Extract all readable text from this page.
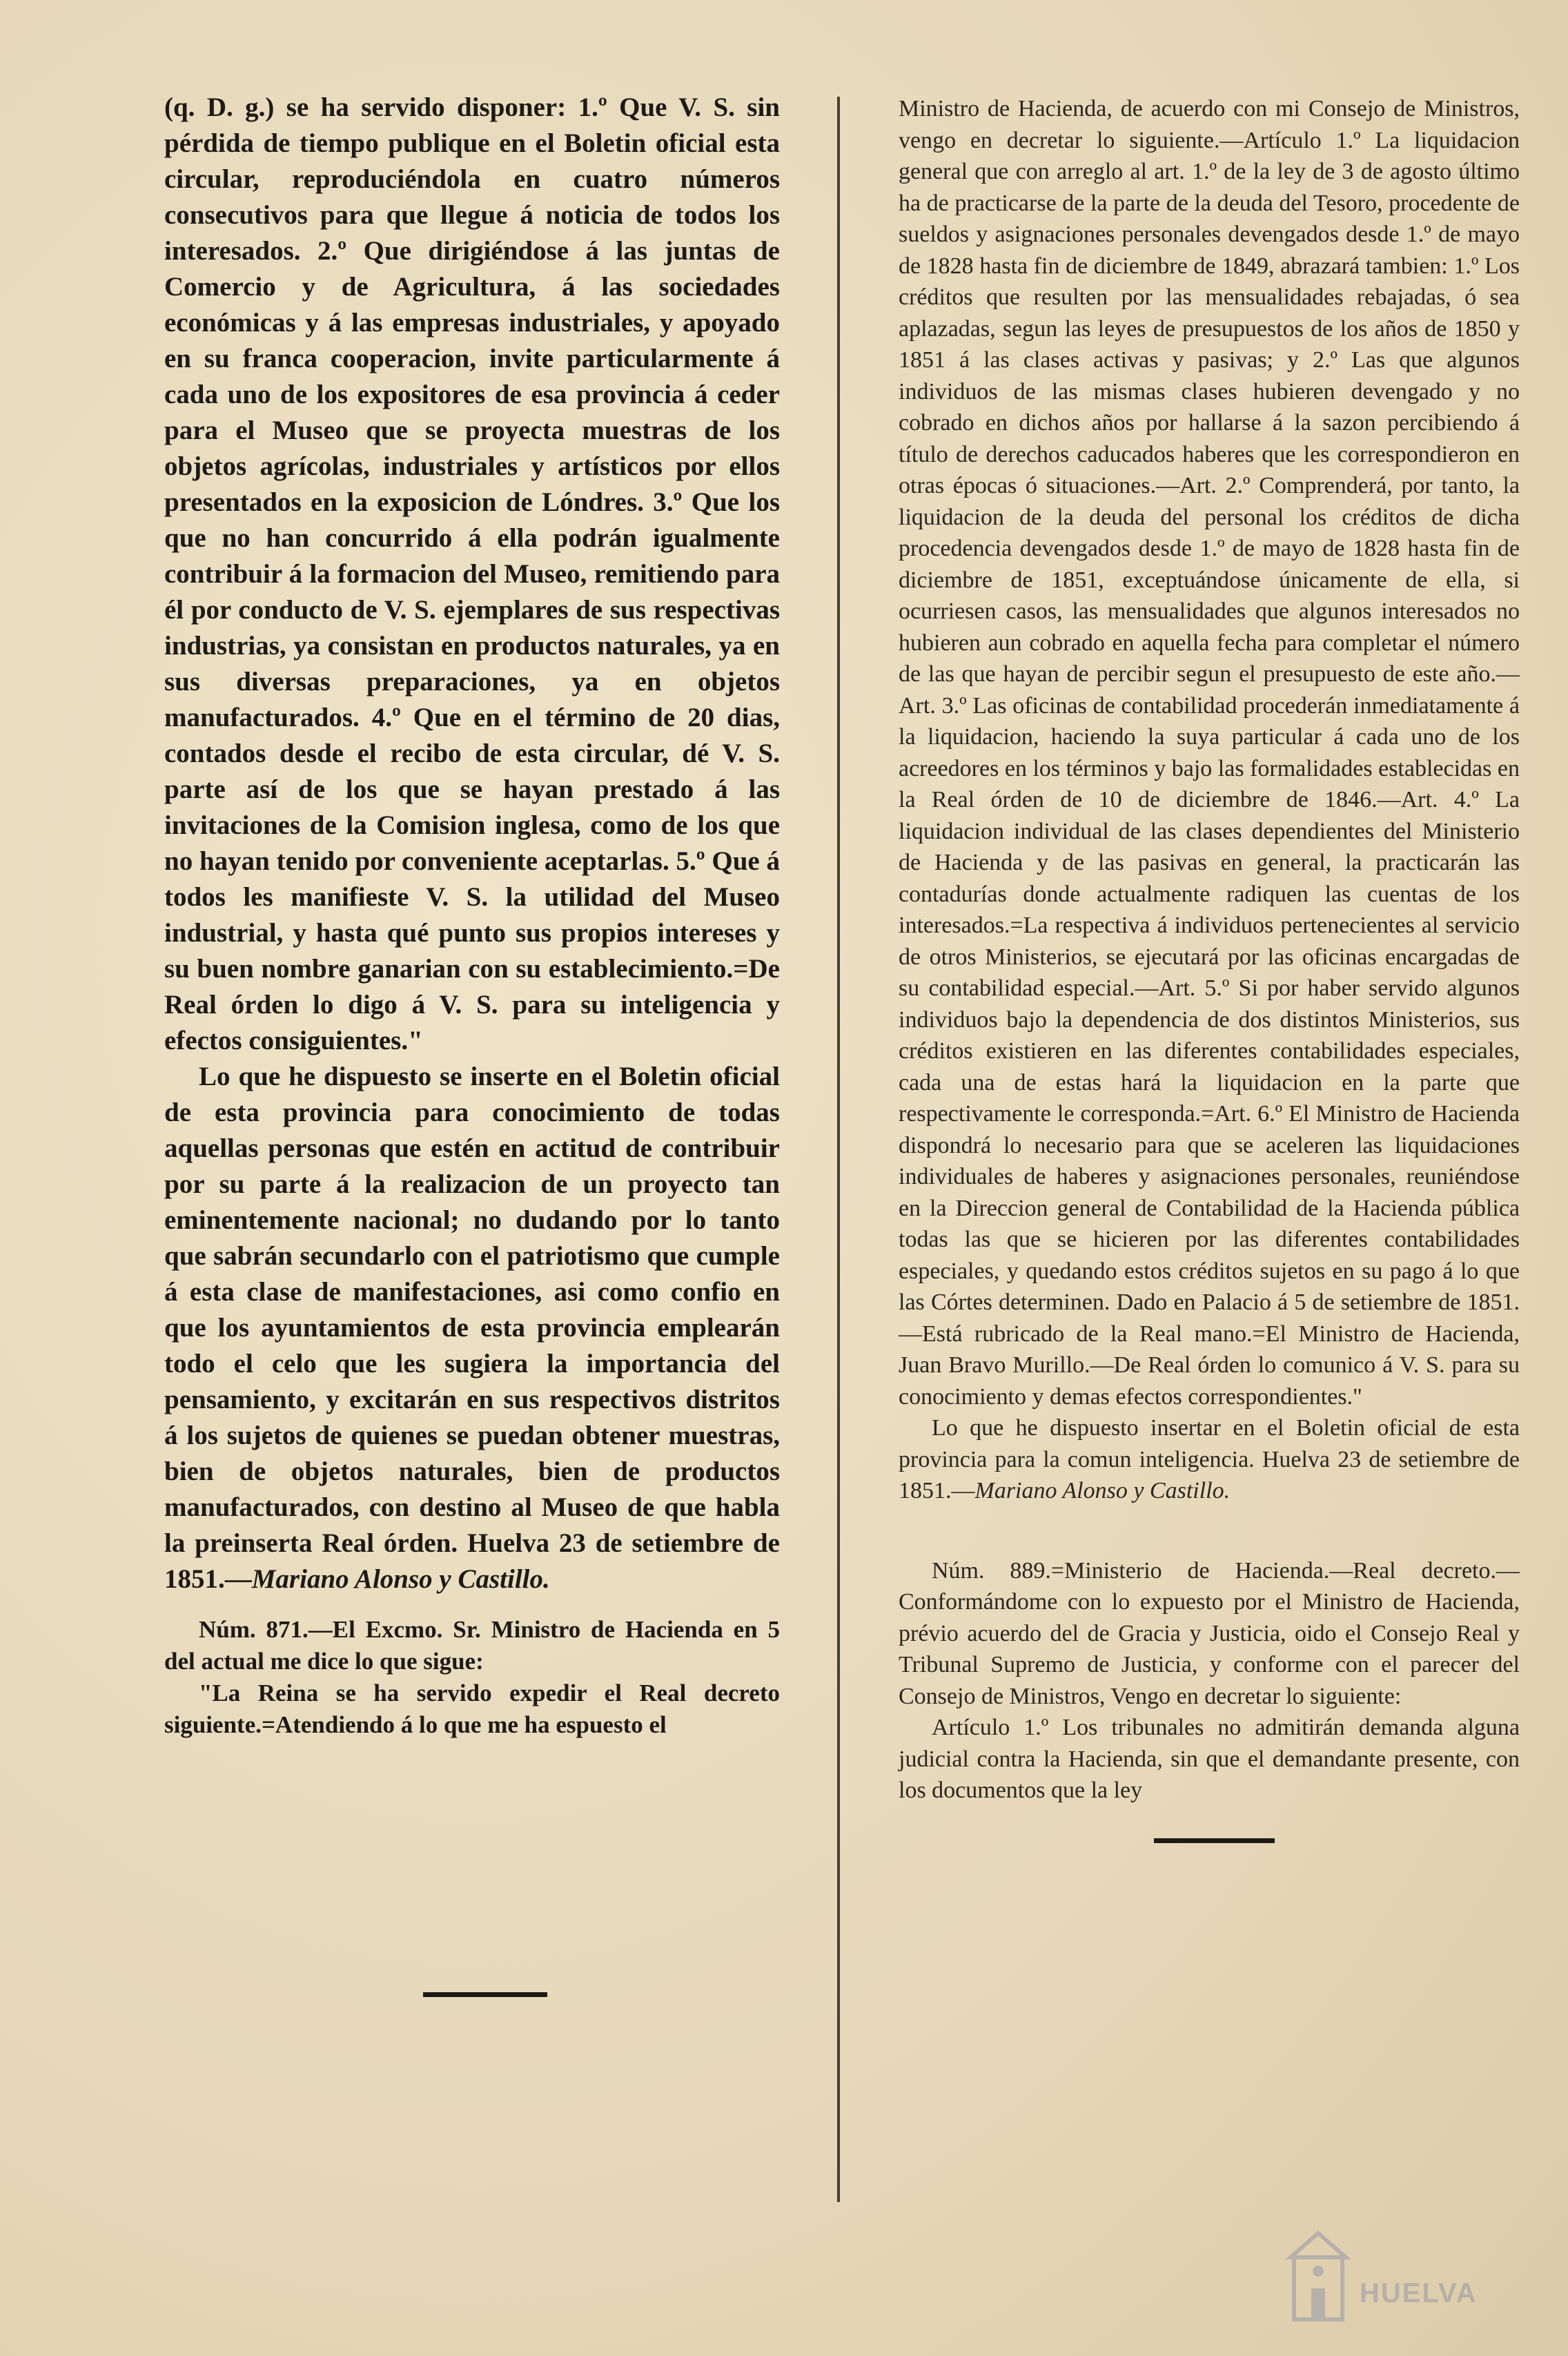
(q. D. g.) se ha servido disponer: 1.º Que V. S. sin pérdida de tiempo publique en el Boletin oficial esta circular, reproduciéndola en cuatro números consecutivos para que llegue á noticia de todos los interesados. 2.º Que dirigiéndose á las juntas de Comercio y de Agricultura, á las sociedades económicas y á las empresas industriales, y apoyado en su franca cooperacion, invite particularmente á cada uno de los expositores de esa provincia á ceder para el Museo que se proyecta muestras de los objetos agrícolas, industriales y artísticos por ellos presentados en la exposicion de Lóndres. 3.º Que los que no han concurrido á ella podrán igualmente contribuir á la formacion del Museo, remitiendo para él por conducto de V. S. ejemplares de sus respectivas industrias, ya consistan en productos naturales, ya en sus diversas preparaciones, ya en objetos manufacturados. 4.º Que en el término de 20 dias, contados desde el recibo de esta circular, dé V. S. parte así de los que se hayan prestado á las invitaciones de la Comision inglesa, como de los que no hayan tenido por conveniente aceptarlas. 5.º Que á todos les manifieste V. S. la utilidad del Museo industrial, y hasta qué punto sus propios intereses y su buen nombre ganarian con su establecimiento.=De Real órden lo digo á V. S. para su inteligencia y efectos consiguientes."

Lo que he dispuesto se inserte en el Boletin oficial de esta provincia para conocimiento de todas aquellas personas que estén en actitud de contribuir por su parte á la realizacion de un proyecto tan eminentemente nacional; no dudando por lo tanto que sabrán secundarlo con el patriotismo que cumple á esta clase de manifestaciones, asi como confio en que los ayuntamientos de esta provincia emplearán todo el celo que les sugiera la importancia del pensamiento, y excitarán en sus respectivos distritos á los sujetos de quienes se puedan obtener muestras, bien de objetos naturales, bien de productos manufacturados, con destino al Museo de que habla la preinserta Real órden. Huelva 23 de setiembre de 1851.—Mariano Alonso y Castillo.

Núm. 871.—El Excmo. Sr. Ministro de Hacienda en 5 del actual me dice lo que sigue:

"La Reina se ha servido expedir el Real decreto siguiente.=Atendiendo á lo que me ha espuesto el

Ministro de Hacienda, de acuerdo con mi Consejo de Ministros, vengo en decretar lo siguiente.—Artículo 1.º La liquidacion general que con arreglo al art. 1.º de la ley de 3 de agosto último ha de practicarse de la parte de la deuda del Tesoro, procedente de sueldos y asignaciones personales devengados desde 1.º de mayo de 1828 hasta fin de diciembre de 1849, abrazará tambien: 1.º Los créditos que resulten por las mensualidades rebajadas, ó sea aplazadas, segun las leyes de presupuestos de los años de 1850 y 1851 á las clases activas y pasivas; y 2.º Las que algunos individuos de las mismas clases hubieren devengado y no cobrado en dichos años por hallarse á la sazon percibiendo á título de derechos caducados haberes que les correspondieron en otras épocas ó situaciones.—Art. 2.º Comprenderá, por tanto, la liquidacion de la deuda del personal los créditos de dicha procedencia devengados desde 1.º de mayo de 1828 hasta fin de diciembre de 1851, exceptuándose únicamente de ella, si ocurriesen casos, las mensualidades que algunos interesados no hubieren aun cobrado en aquella fecha para completar el número de las que hayan de percibir segun el presupuesto de este año.—Art. 3.º Las oficinas de contabilidad procederán inmediatamente á la liquidacion, haciendo la suya particular á cada uno de los acreedores en los términos y bajo las formalidades establecidas en la Real órden de 10 de diciembre de 1846.—Art. 4.º La liquidacion individual de las clases dependientes del Ministerio de Hacienda y de las pasivas en general, la practicarán las contadurías donde actualmente radiquen las cuentas de los interesados.=La respectiva á individuos pertenecientes al servicio de otros Ministerios, se ejecutará por las oficinas encargadas de su contabilidad especial.—Art. 5.º Si por haber servido algunos individuos bajo la dependencia de dos distintos Ministerios, sus créditos existieren en las diferentes contabilidades especiales, cada una de estas hará la liquidacion en la parte que respectivamente le corresponda.=Art. 6.º El Ministro de Hacienda dispondrá lo necesario para que se aceleren las liquidaciones individuales de haberes y asignaciones personales, reuniéndose en la Direccion general de Contabilidad de la Hacienda pública todas las que se hicieren por las diferentes contabilidades especiales, y quedando estos créditos sujetos en su pago á lo que las Córtes determinen. Dado en Palacio á 5 de setiembre de 1851.—Está rubricado de la Real mano.=El Ministro de Hacienda, Juan Bravo Murillo.—De Real órden lo comunico á V. S. para su conocimiento y demas efectos correspondientes."

Lo que he dispuesto insertar en el Boletin oficial de esta provincia para la comun inteligencia. Huelva 23 de setiembre de 1851.—Mariano Alonso y Castillo.

Núm. 889.=Ministerio de Hacienda.—Real decreto.—Conformándome con lo expuesto por el Ministro de Hacienda, prévio acuerdo del de Gracia y Justicia, oido el Consejo Real y Tribunal Supremo de Justicia, y conforme con el parecer del Consejo de Ministros, Vengo en decretar lo siguiente:

Artículo 1.º Los tribunales no admitirán demanda alguna judicial contra la Hacienda, sin que el demandante presente, con los documentos que la ley

HUELVA
